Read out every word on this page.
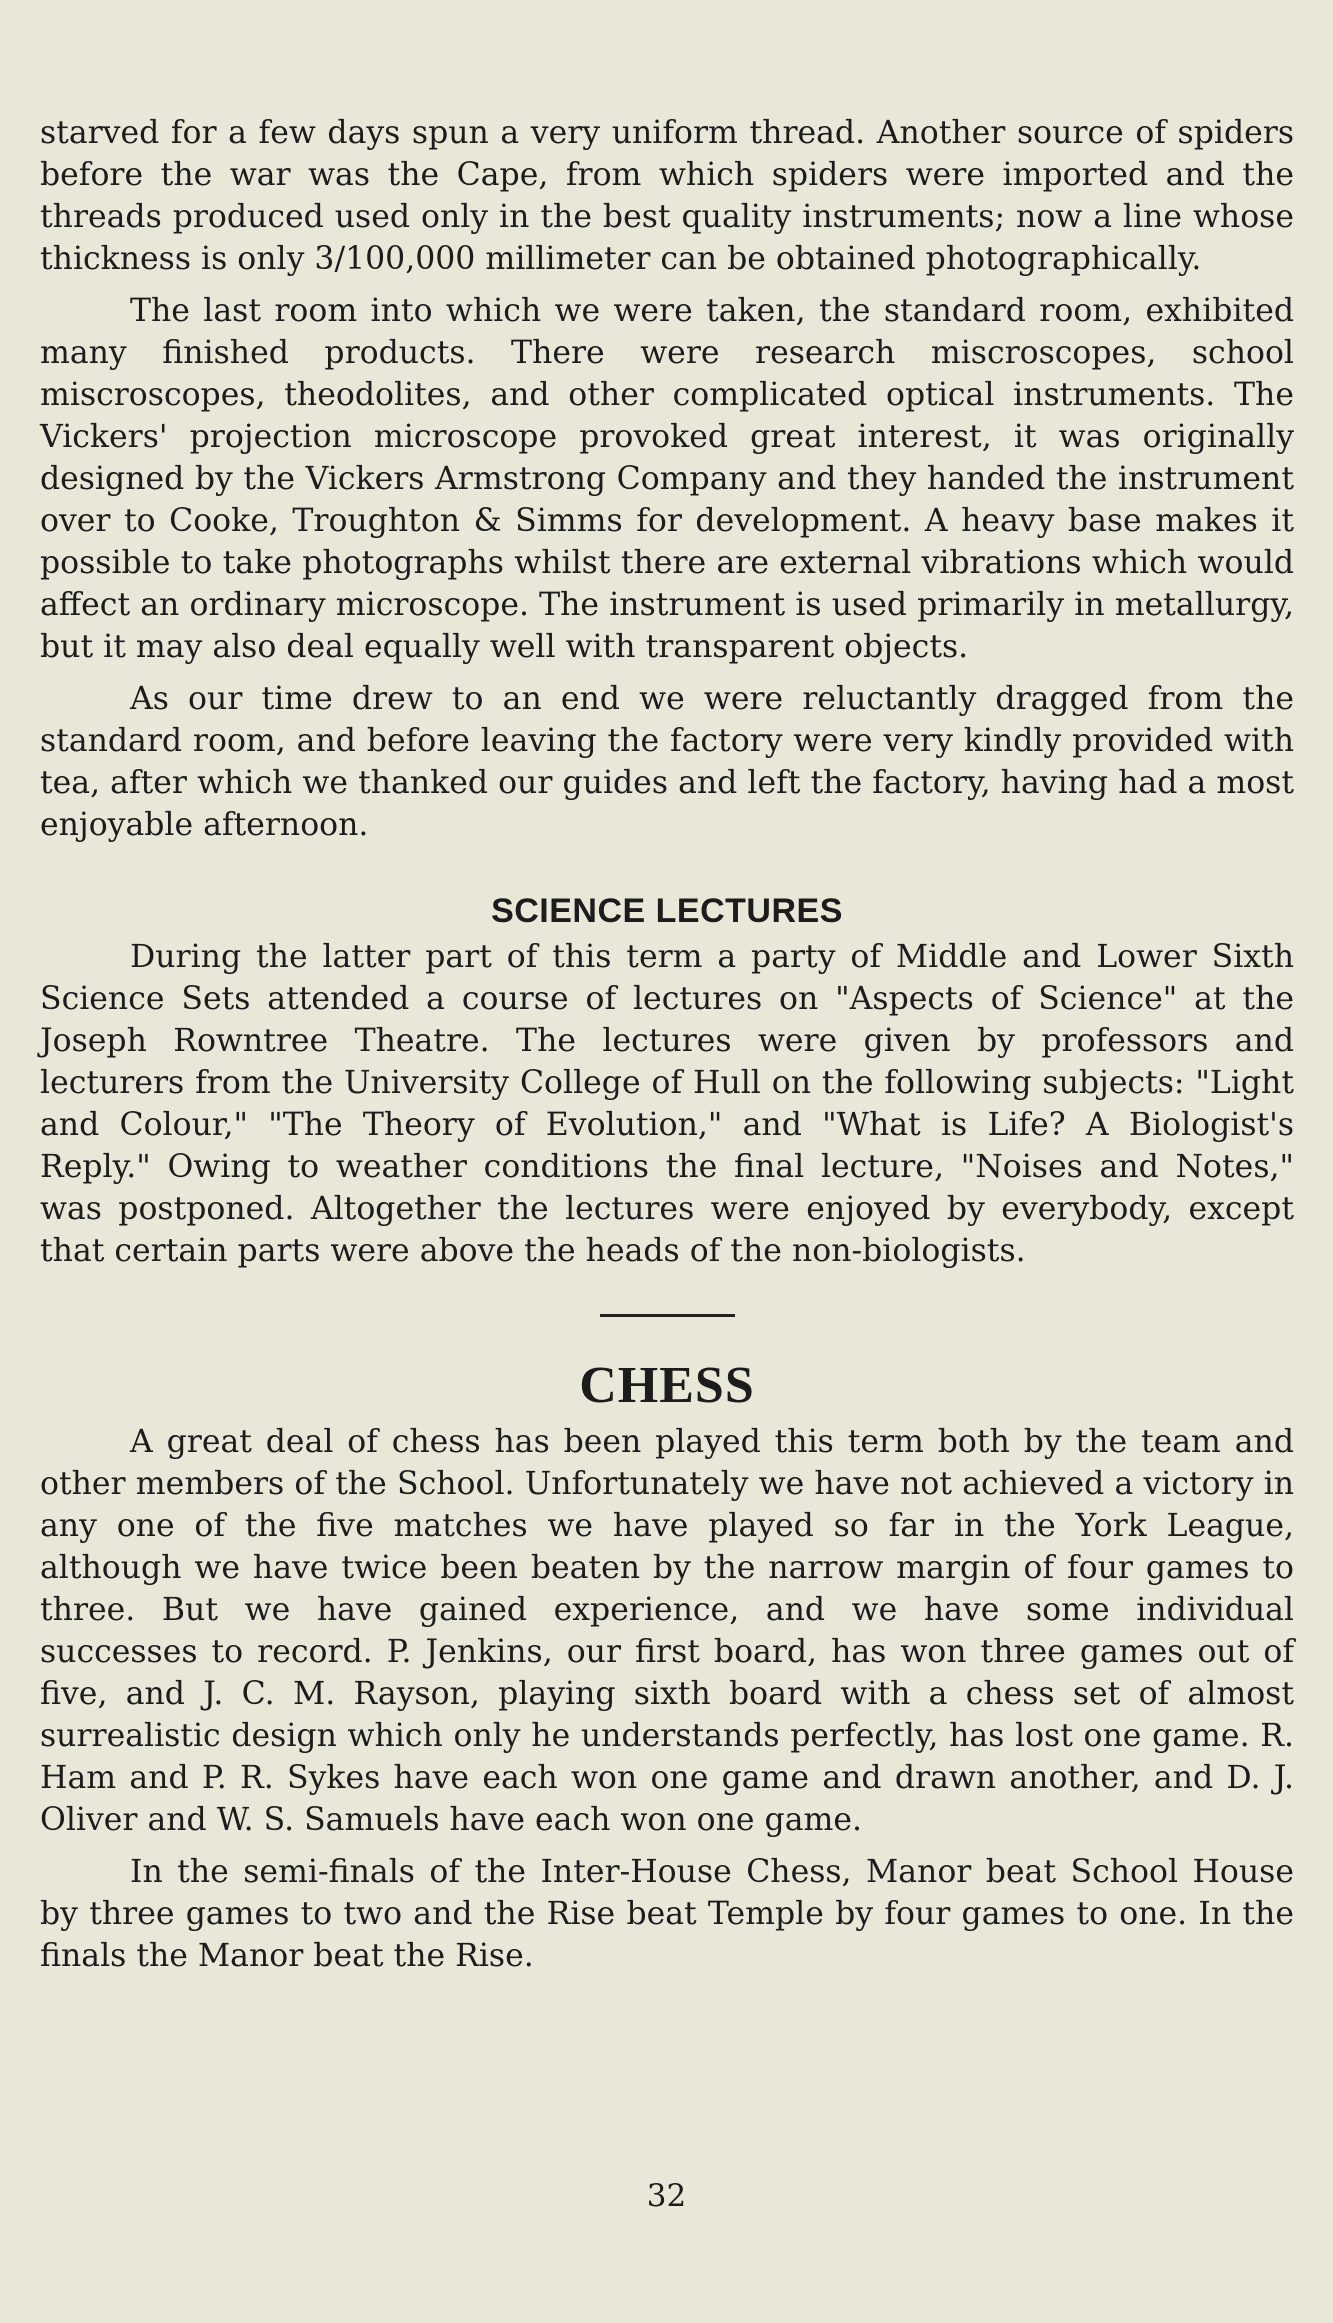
starved for a few days spun a very uniform thread. Another source of spiders before the war was the Cape, from which spiders were imported and the threads produced used only in the best quality instruments; now a line whose thickness is only 3/100,000 millimeter can be obtained photographically.

The last room into which we were taken, the standard room, exhibited many finished products. There were research miscroscopes, school miscroscopes, theodolites, and other complicated optical instruments. The Vickers' projection microscope provoked great interest, it was originally designed by the Vickers Armstrong Company and they handed the instrument over to Cooke, Troughton & Simms for development. A heavy base makes it possible to take photographs whilst there are external vibrations which would affect an ordinary microscope. The instrument is used primarily in metallurgy, but it may also deal equally well with transparent objects.

As our time drew to an end we were reluctantly dragged from the standard room, and before leaving the factory were very kindly provided with tea, after which we thanked our guides and left the factory, having had a most enjoyable afternoon.

SCIENCE LECTURES

During the latter part of this term a party of Middle and Lower Sixth Science Sets attended a course of lectures on "Aspects of Science" at the Joseph Rowntree Theatre. The lectures were given by professors and lecturers from the University College of Hull on the following subjects: "Light and Colour," "The Theory of Evolution," and "What is Life? A Biologist's Reply." Owing to weather conditions the final lecture, "Noises and Notes," was postponed. Altogether the lectures were enjoyed by everybody, except that certain parts were above the heads of the non-biologists.

CHESS

A great deal of chess has been played this term both by the team and other members of the School. Unfortunately we have not achieved a victory in any one of the five matches we have played so far in the York League, although we have twice been beaten by the narrow margin of four games to three. But we have gained experience, and we have some individual successes to record. P. Jenkins, our first board, has won three games out of five, and J. C. M. Rayson, playing sixth board with a chess set of almost surrealistic design which only he understands perfectly, has lost one game. R. Ham and P. R. Sykes have each won one game and drawn another, and D. J. Oliver and W. S. Samuels have each won one game.

In the semi-finals of the Inter-House Chess, Manor beat School House by three games to two and the Rise beat Temple by four games to one. In the finals the Manor beat the Rise.

32
